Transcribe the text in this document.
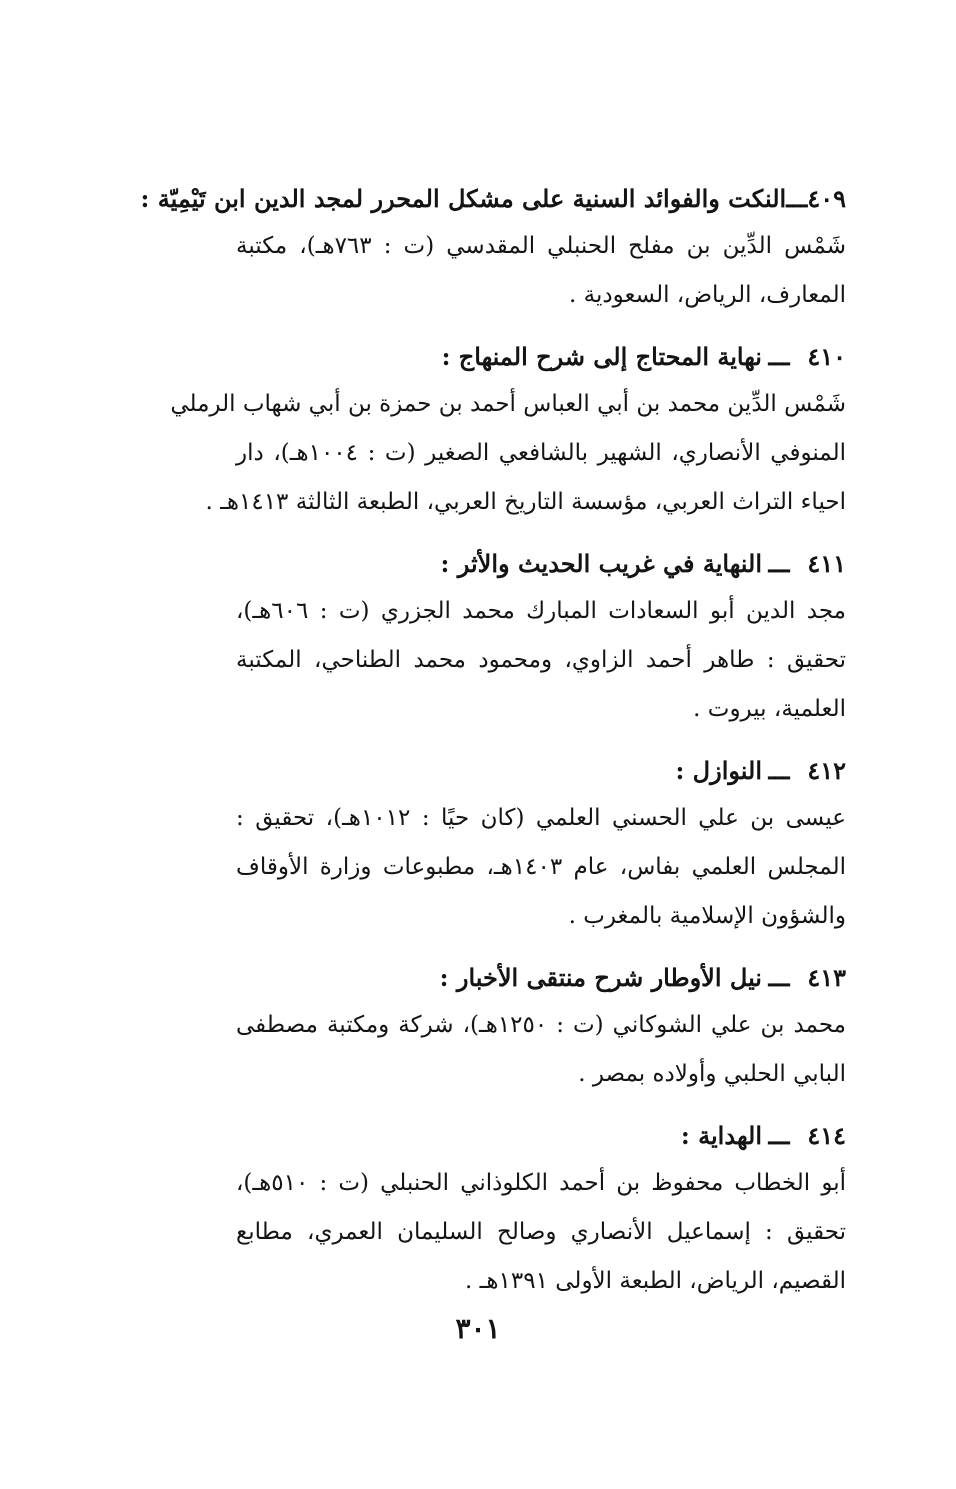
٤٠٩
ـــ
النكت والفوائد السنية على مشكل المحرر لمجد الدين ابن تَيْمِيّة :
شَمْس الدِّين بن مفلح الحنبلي المقدسي (ت : ٧٦٣هـ)، مكتبة
المعارف، الرياض، السعودية .
٤١٠
ـــ
نهاية المحتاج إلى شرح المنهاج :
شَمْس الدِّين محمد بن أبي العباس أحمد بن حمزة بن أبي شهاب الرملي
المنوفي الأنصاري، الشهير بالشافعي الصغير (ت : ١٠٠٤هـ)، دار
احياء التراث العربي، مؤسسة التاريخ العربي، الطبعة الثالثة ١٤١٣هـ .
٤١١
ـــ
النهاية في غريب الحديث والأثر :
مجد الدين أبو السعادات المبارك محمد الجزري (ت : ٦٠٦هـ)،
تحقيق : طاهر أحمد الزاوي، ومحمود محمد الطناحي، المكتبة
العلمية، بيروت .
٤١٢
ـــ
النوازل :
عيسى بن علي الحسني العلمي (كان حيًا : ١٠١٢هـ)، تحقيق :
المجلس العلمي بفاس، عام ١٤٠٣هـ، مطبوعات وزارة الأوقاف
والشؤون الإسلامية بالمغرب .
٤١٣
ـــ
نيل الأوطار شرح منتقى الأخبار :
محمد بن علي الشوكاني (ت : ١٢٥٠هـ)، شركة ومكتبة مصطفى
البابي الحلبي وأولاده بمصر .
٤١٤
ـــ
الهداية :
أبو الخطاب محفوظ بن أحمد الكلوذاني الحنبلي (ت : ٥١٠هـ)،
تحقيق : إسماعيل الأنصاري وصالح السليمان العمري، مطابع
القصيم، الرياض، الطبعة الأولى ١٣٩١هـ .
٣٠١
